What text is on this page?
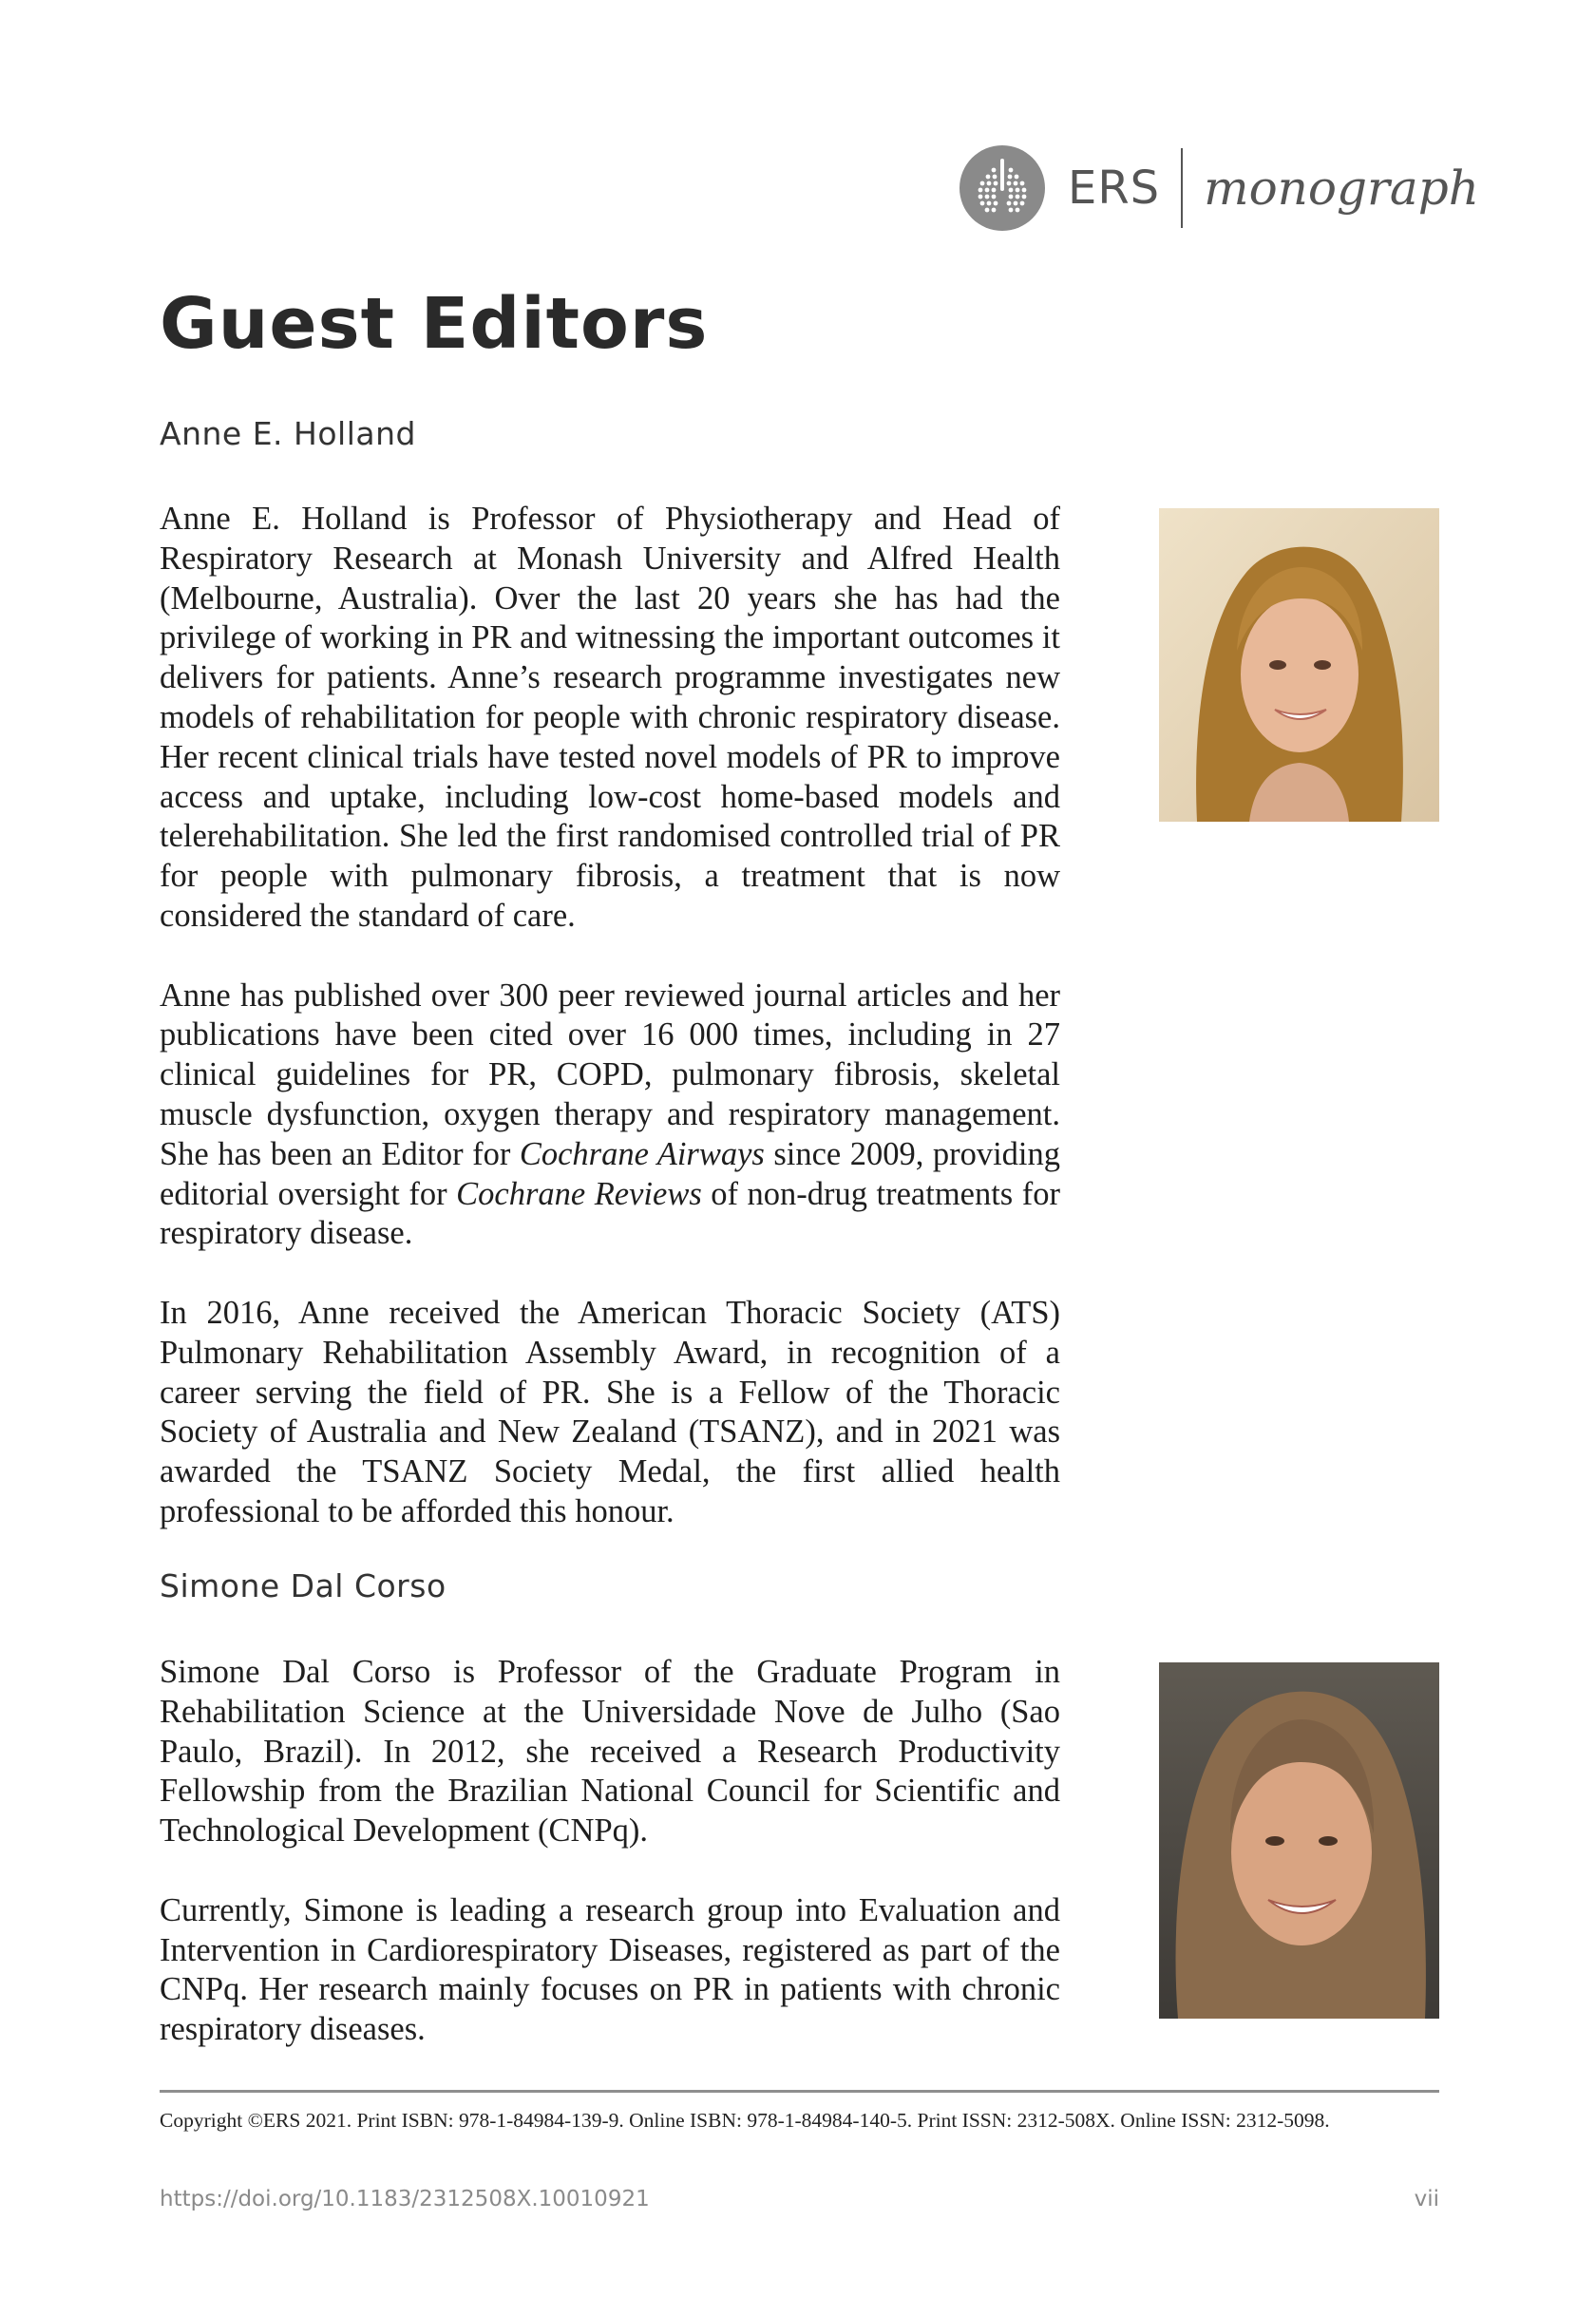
ERS monograph
Guest Editors
Anne E. Holland

Anne E. Holland is Professor of Physiotherapy and Head of Respiratory Research at Monash University and Alfred Health (Melbourne, Australia). Over the last 20 years she has had the privilege of working in PR and witnessing the important outcomes it delivers for patients. Anne’s research programme investigates new models of rehabilitation for people with chronic respiratory disease. Her recent clinical trials have tested novel models of PR to improve access and uptake, including low-cost home-based models and telerehabilitation. She led the first randomised controlled trial of PR for people with pulmonary fibrosis, a treatment that is now considered the standard of care.

Anne has published over 300 peer reviewed journal articles and her publications have been cited over 16 000 times, including in 27 clinical guidelines for PR, COPD, pulmonary fibrosis, skeletal muscle dysfunction, oxygen therapy and respiratory management. She has been an Editor for Cochrane Airways since 2009, providing editorial oversight for Cochrane Reviews of non-drug treatments for respiratory disease.

In 2016, Anne received the American Thoracic Society (ATS) Pulmonary Rehabilitation Assembly Award, in recognition of a career serving the field of PR. She is a Fellow of the Thoracic Society of Australia and New Zealand (TSANZ), and in 2021 was awarded the TSANZ Society Medal, the first allied health professional to be afforded this honour.

Simone Dal Corso

Simone Dal Corso is Professor of the Graduate Program in Rehabilitation Science at the Universidade Nove de Julho (Sao Paulo, Brazil). In 2012, she received a Research Productivity Fellowship from the Brazilian National Council for Scientific and Technological Development (CNPq).

Currently, Simone is leading a research group into Evaluation and Intervention in Cardiorespiratory Diseases, registered as part of the CNPq. Her research mainly focuses on PR in patients with chronic respiratory diseases.

Copyright ©ERS 2021. Print ISBN: 978-1-84984-139-9. Online ISBN: 978-1-84984-140-5. Print ISSN: 2312-508X. Online ISSN: 2312-5098.
https://doi.org/10.1183/2312508X.10010921	vii
